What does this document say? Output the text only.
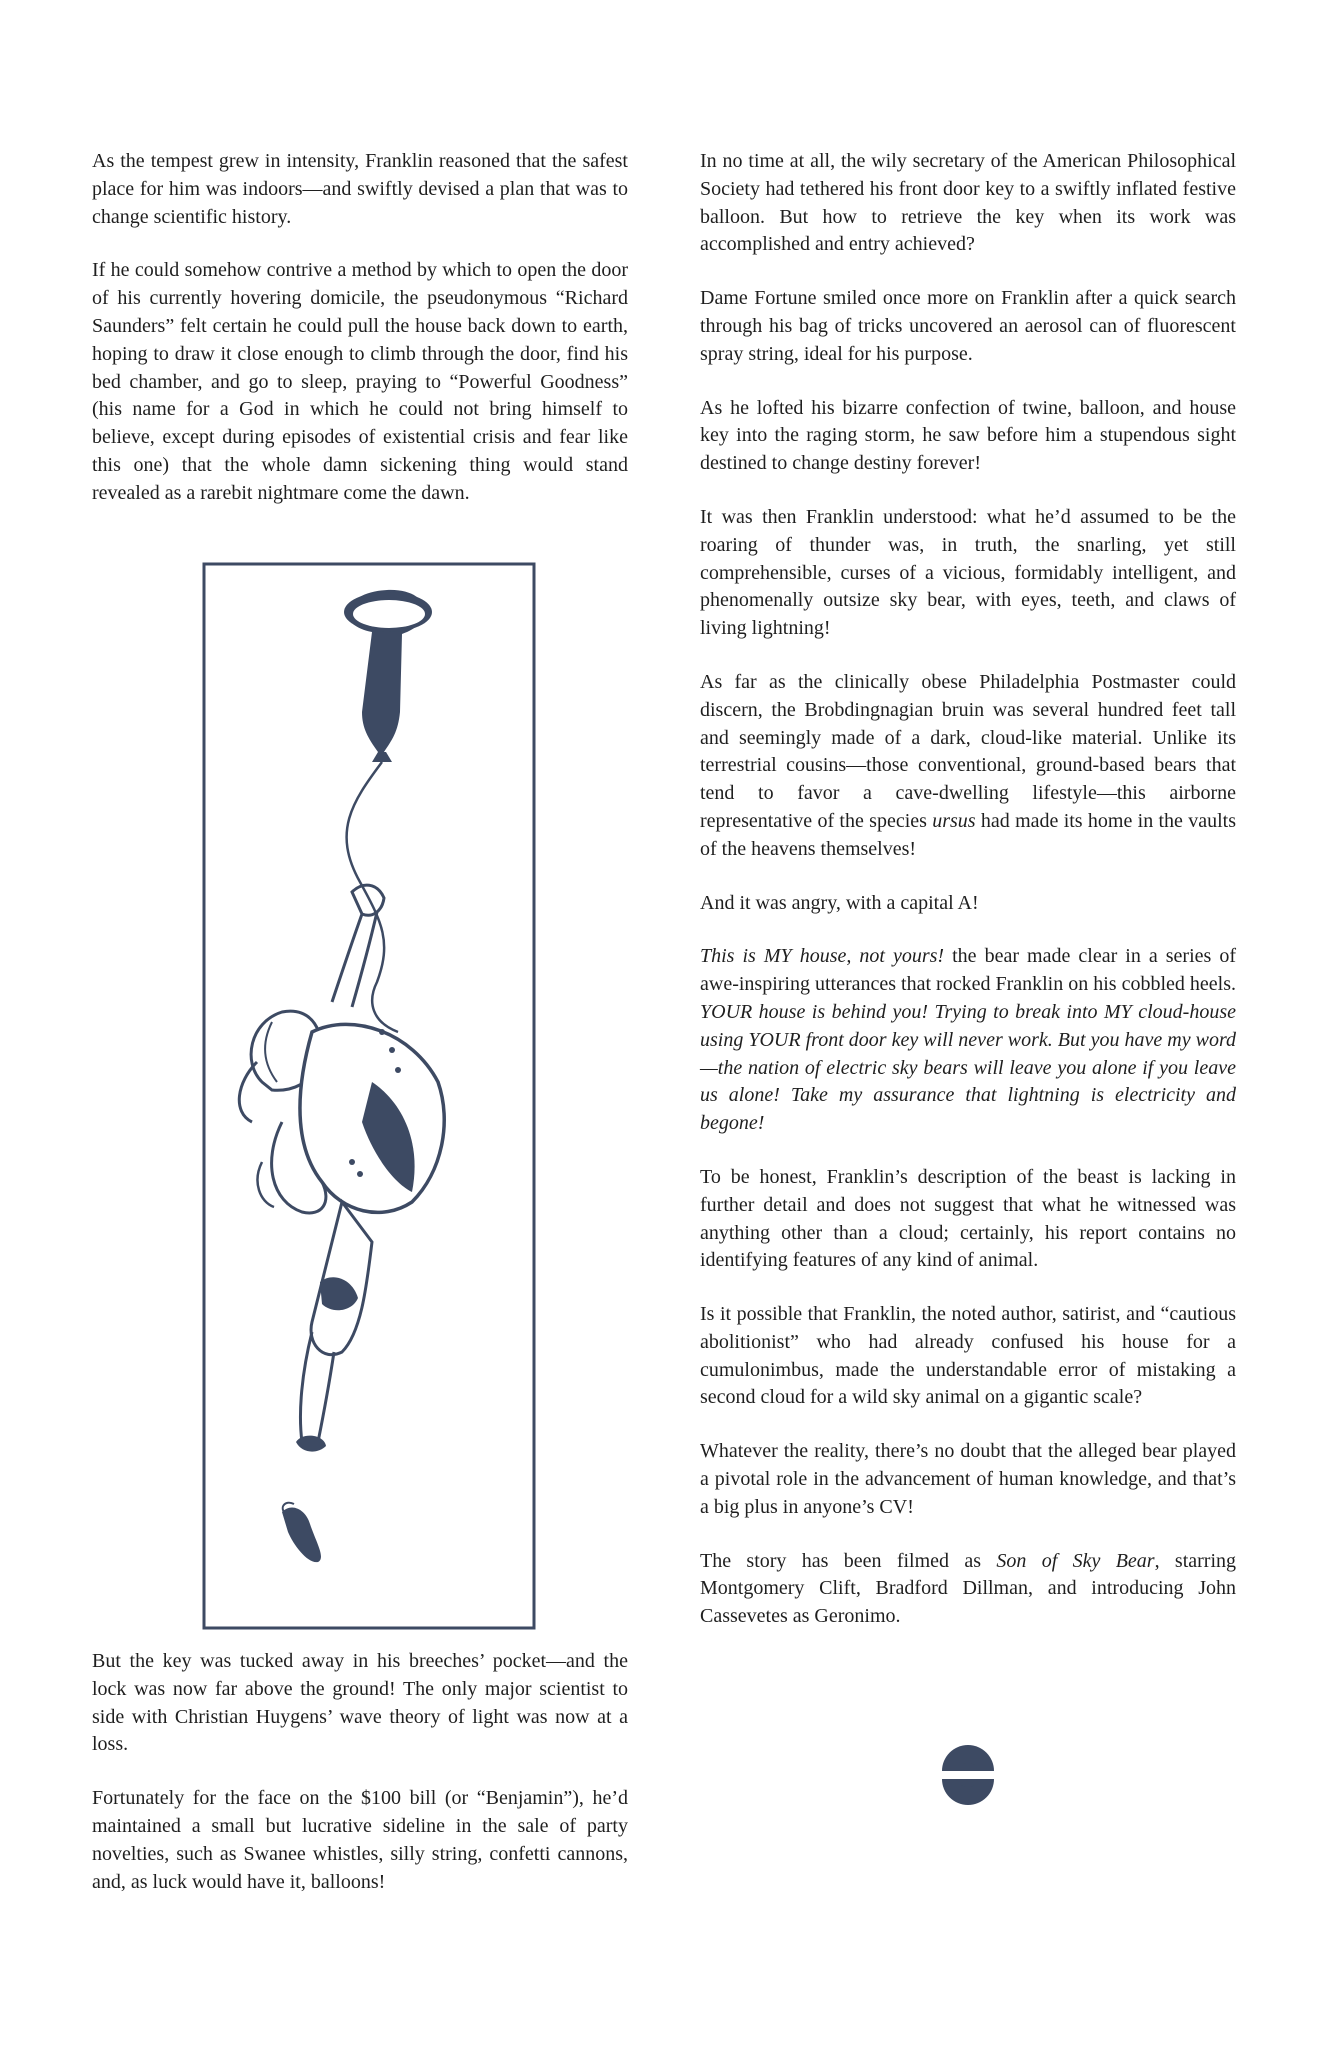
As the tempest grew in intensity, Franklin reasoned that the safest place for him was indoors—and swiftly devised a plan that was to change scientific history.

If he could somehow contrive a method by which to open the door of his currently hovering domicile, the pseudonymous “Richard Saunders” felt certain he could pull the house back down to earth, hoping to draw it close enough to climb through the door, find his bed chamber, and go to sleep, praying to “Powerful Goodness” (his name for a God in which he could not bring himself to believe, except during episodes of existential crisis and fear like this one) that the whole damn sickening thing would stand revealed as a rarebit nightmare come the dawn.

But the key was tucked away in his breeches’ pocket—and the lock was now far above the ground! The only major scientist to side with Christian Huygens’ wave theory of light was now at a loss.

Fortunately for the face on the $100 bill (or “Benjamin”), he’d maintained a small but lucrative sideline in the sale of party novelties, such as Swanee whistles, silly string, confetti cannons, and, as luck would have it, balloons!

In no time at all, the wily secretary of the American Philosophical Society had tethered his front door key to a swiftly inflated festive balloon. But how to retrieve the key when its work was accomplished and entry achieved?

Dame Fortune smiled once more on Franklin after a quick search through his bag of tricks uncovered an aerosol can of fluorescent spray string, ideal for his purpose.

As he lofted his bizarre confection of twine, balloon, and house key into the raging storm, he saw before him a stupendous sight destined to change destiny forever!

It was then Franklin understood: what he’d assumed to be the roaring of thunder was, in truth, the snarling, yet still comprehensible, curses of a vicious, formidably intelligent, and phenomenally outsize sky bear, with eyes, teeth, and claws of living lightning!

As far as the clinically obese Philadelphia Postmaster could discern, the Brobdingnagian bruin was several hundred feet tall and seemingly made of a dark, cloud-like material. Unlike its terrestrial cousins—those conventional, ground-based bears that tend to favor a cave-dwelling lifestyle—this airborne representative of the species ursus had made its home in the vaults of the heavens themselves!

And it was angry, with a capital A!

This is MY house, not yours! the bear made clear in a series of awe-inspiring utterances that rocked Franklin on his cobbled heels. YOUR house is behind you! Trying to break into MY cloud-house using YOUR front door key will never work. But you have my word—the nation of electric sky bears will leave you alone if you leave us alone! Take my assurance that lightning is electricity and begone!

To be honest, Franklin’s description of the beast is lacking in further detail and does not suggest that what he witnessed was anything other than a cloud; certainly, his report contains no identifying features of any kind of animal.

Is it possible that Franklin, the noted author, satirist, and “cautious abolitionist” who had already confused his house for a cumulonimbus, made the understandable error of mistaking a second cloud for a wild sky animal on a gigantic scale?

Whatever the reality, there’s no doubt that the alleged bear played a pivotal role in the advancement of human knowledge, and that’s a big plus in anyone’s CV!

The story has been filmed as Son of Sky Bear, starring Montgomery Clift, Bradford Dillman, and introducing John Cassevetes as Geronimo.
